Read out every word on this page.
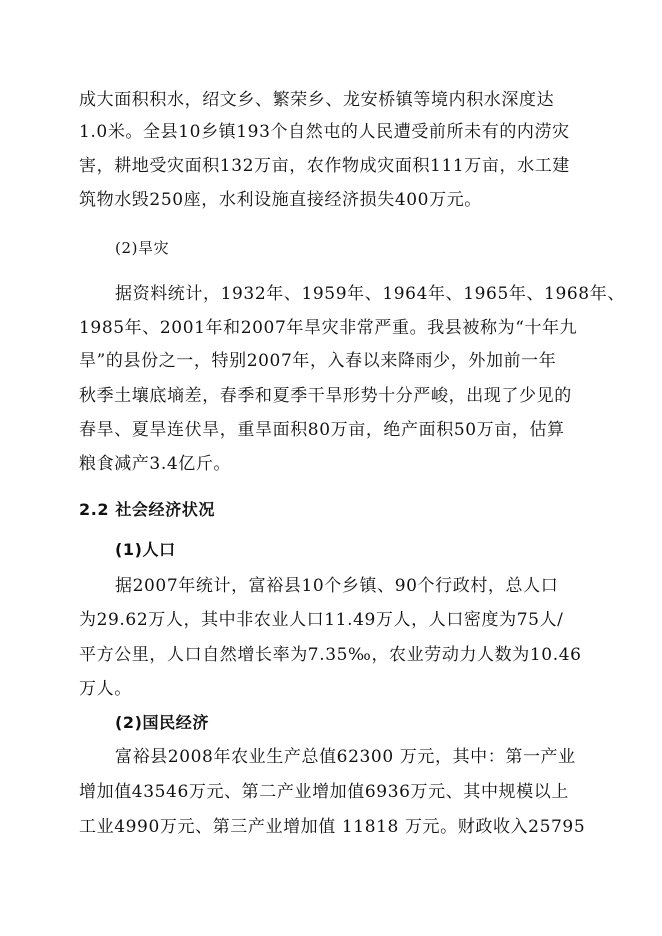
成大面积积水，绍文乡、繁荣乡、龙安桥镇等境内积水深度达
1.0米。全县10乡镇193个自然屯的人民遭受前所未有的内涝灾
害，耕地受灾面积132万亩，农作物成灾面积111万亩，水工建
筑物水毁250座，水利设施直接经济损失400万元。
(2)旱灾
据资料统计，1932年、1959年、1964年、1965年、1968年、
1985年、2001年和2007年旱灾非常严重。我县被称为“十年九
旱”的县份之一，特别2007年，入春以来降雨少，外加前一年
秋季土壤底墒差，春季和夏季干旱形势十分严峻，出现了少见的
春旱、夏旱连伏旱，重旱面积80万亩，绝产面积50万亩，估算
粮食减产3.4亿斤。
2.2 社会经济状况
(1)人口
据2007年统计，富裕县10个乡镇、90个行政村，总人口
为29.62万人，其中非农业人口11.49万人，人口密度为75人/
平方公里，人口自然增长率为7.35‰，农业劳动力人数为10.46
万人。
(2)国民经济
富裕县2008年农业生产总值62300 万元，其中：第一产业
增加值43546万元、第二产业增加值6936万元、其中规模以上
工业4990万元、第三产业增加值 11818 万元。财政收入25795
